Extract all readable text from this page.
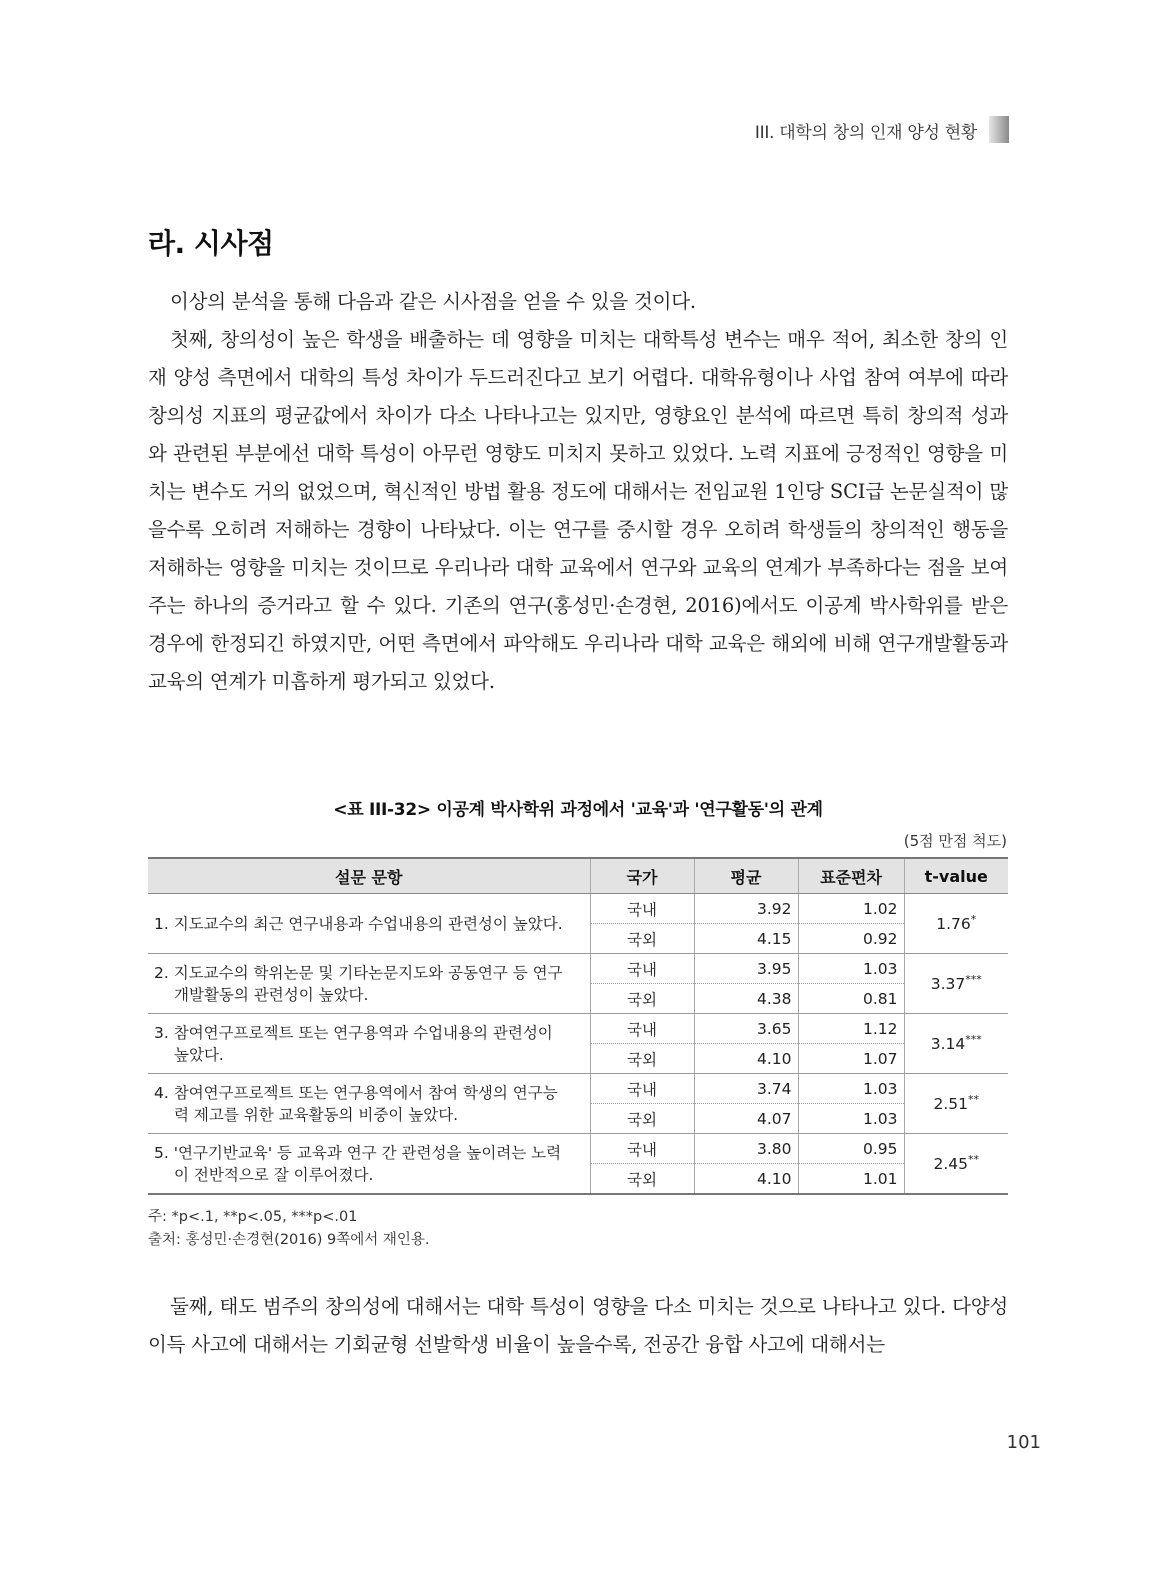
III. 대학의 창의 인재 양성 현황
라. 시사점

이상의 분석을 통해 다음과 같은 시사점을 얻을 수 있을 것이다.

첫째, 창의성이 높은 학생을 배출하는 데 영향을 미치는 대학특성 변수는 매우 적어, 최소한 창의 인재 양성 측면에서 대학의 특성 차이가 두드러진다고 보기 어렵다. 대학유형이나 사업 참여 여부에 따라 창의성 지표의 평균값에서 차이가 다소 나타나고는 있지만, 영향요인 분석에 따르면 특히 창의적 성과와 관련된 부분에선 대학 특성이 아무런 영향도 미치지 못하고 있었다. 노력 지표에 긍정적인 영향을 미치는 변수도 거의 없었으며, 혁신적인 방법 활용 정도에 대해서는 전임교원 1인당 SCI급 논문실적이 많을수록 오히려 저해하는 경향이 나타났다. 이는 연구를 중시할 경우 오히려 학생들의 창의적인 행동을 저해하는 영향을 미치는 것이므로 우리나라 대학 교육에서 연구와 교육의 연계가 부족하다는 점을 보여주는 하나의 증거라고 할 수 있다. 기존의 연구(홍성민·손경현, 2016)에서도 이공계 박사학위를 받은 경우에 한정되긴 하였지만, 어떤 측면에서 파악해도 우리나라 대학 교육은 해외에 비해 연구개발활동과 교육의 연계가 미흡하게 평가되고 있었다.

<표 III-32> 이공계 박사학위 과정에서 '교육'과 '연구활동'의 관계
(5점 만점 척도)
설문 문항	국가	평균	표준편차	t-value
1. 지도교수의 최근 연구내용과 수업내용의 관련성이 높았다.	국내	3.92	1.02	1.76*
	국외	4.15	0.92	
2. 지도교수의 학위논문 및 기타논문지도와 공동연구 등 연구
개발활동의 관련성이 높았다.	국내	3.95	1.03	3.37***
	국외	4.38	0.81	
3. 참여연구프로젝트 또는 연구용역과 수업내용의 관련성이
높았다.	국내	3.65	1.12	3.14***
	국외	4.10	1.07	
4. 참여연구프로젝트 또는 연구용역에서 참여 학생의 연구능
력 제고를 위한 교육활동의 비중이 높았다.	국내	3.74	1.03	2.51**
	국외	4.07	1.03	
5. '연구기반교육' 등 교육과 연구 간 관련성을 높이려는 노력
이 전반적으로 잘 이루어졌다.	국내	3.80	0.95	2.45**
	국외	4.10	1.01	
주: *p<.1, **p<.05, ***p<.01
출처: 홍성민·손경현(2016) 9쪽에서 재인용.

둘째, 태도 범주의 창의성에 대해서는 대학 특성이 영향을 다소 미치는 것으로 나타나고 있다. 다양성 이득 사고에 대해서는 기회균형 선발학생 비율이 높을수록, 전공간 융합 사고에 대해서는

101
